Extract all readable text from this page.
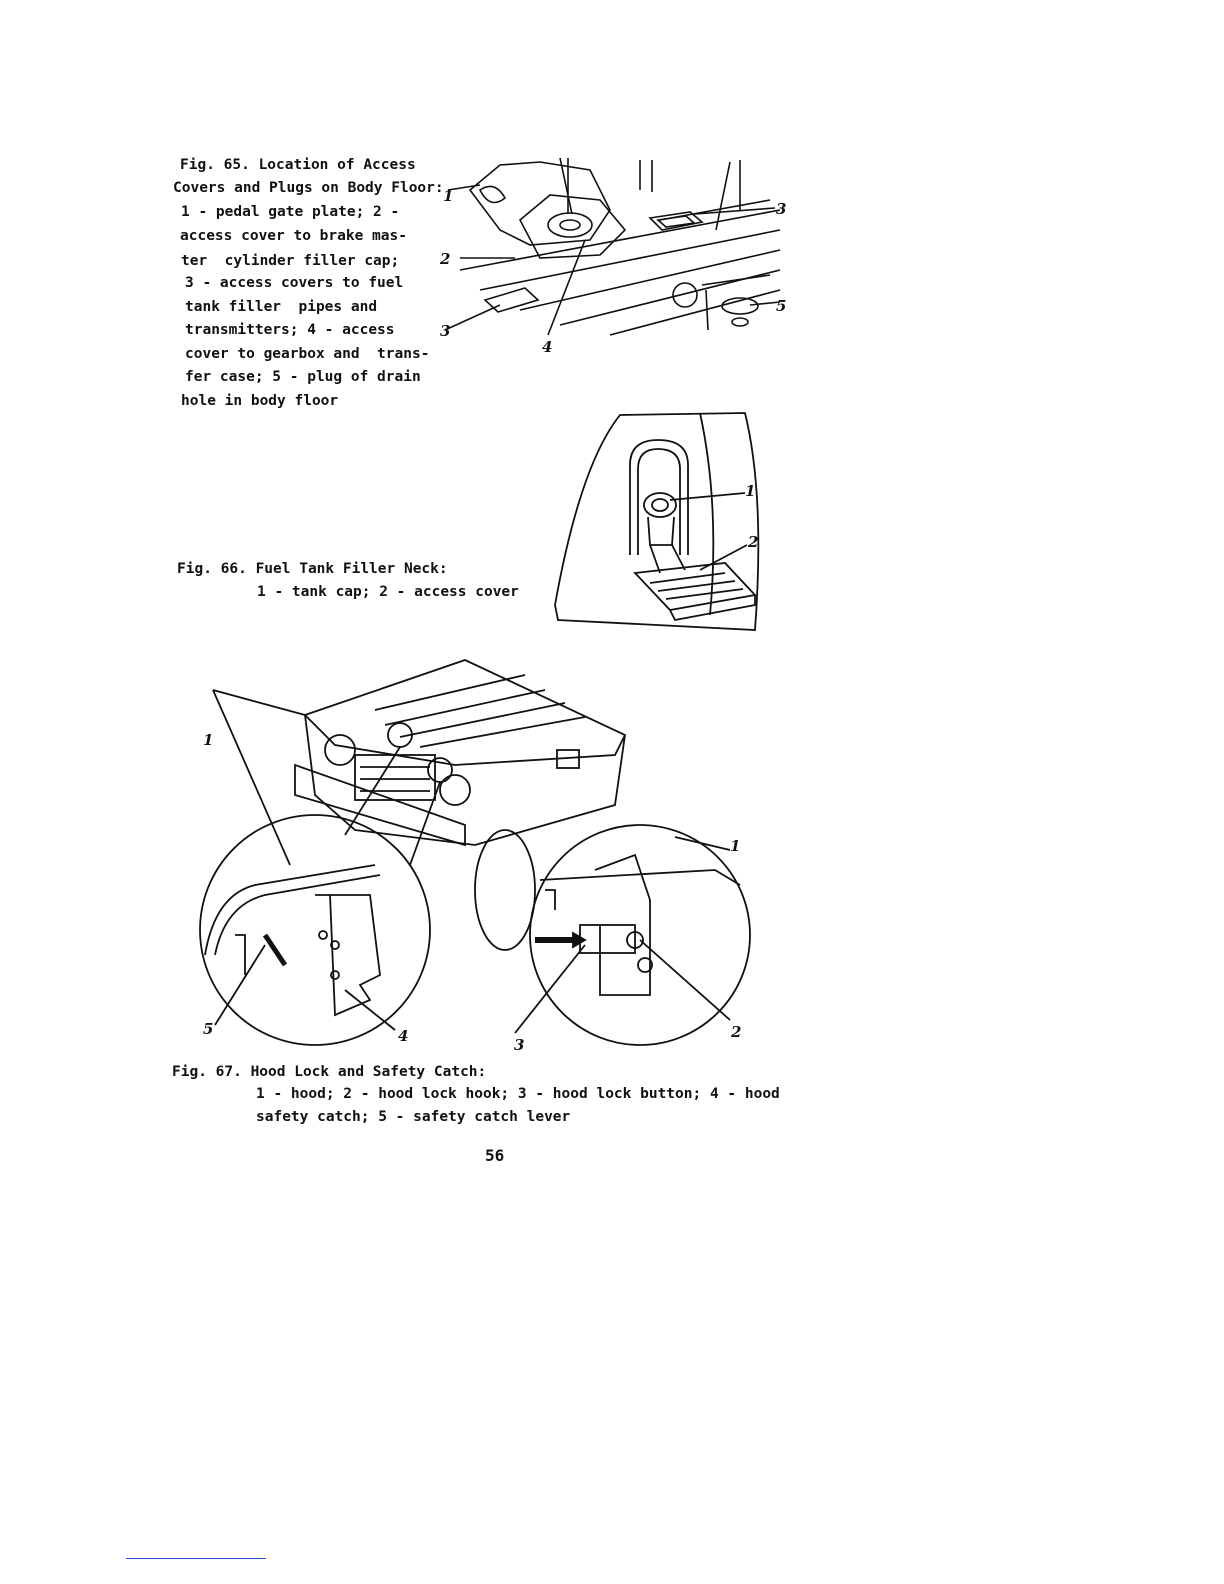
Fig. 65. Location of Access
Covers and Plugs on Body Floor:
1 - pedal gate plate; 2 -
access cover to brake mas-
ter  cylinder filler cap;
3 - access covers to fuel
tank filler  pipes and
transmitters; 4 - access
cover to gearbox and  trans-
fer case; 5 - plug of drain
hole in body floor
1
2
3
3
4
5
Fig. 66. Fuel Tank Filler Neck:
1 - tank cap; 2 - access cover
1
2
1
1
2
3
4
5
Fig. 67. Hood Lock and Safety Catch:
1 - hood; 2 - hood lock hook; 3 - hood lock button; 4 - hood
safety catch; 5 - safety catch lever
56
